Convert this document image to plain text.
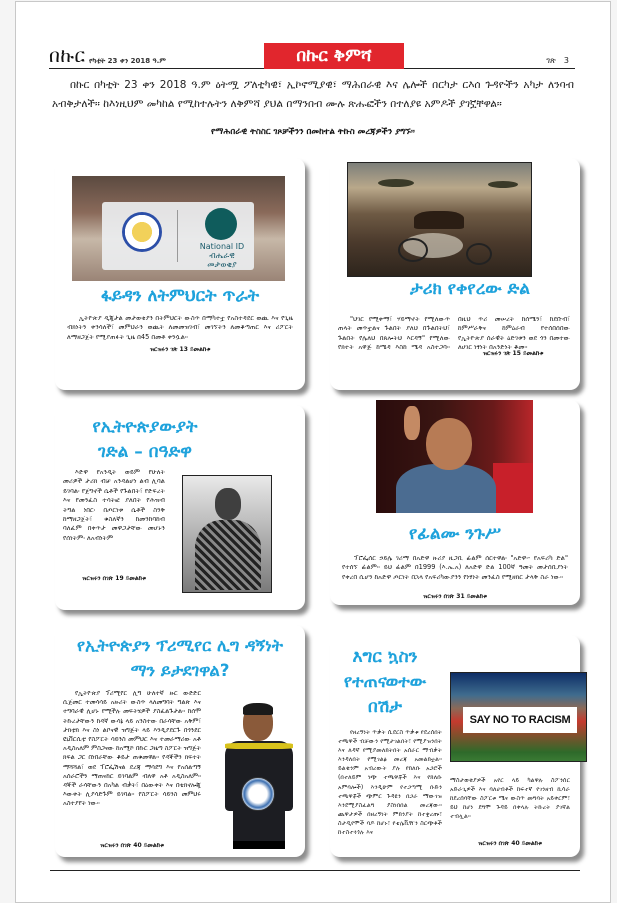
በኩር የካቲት 23 ቀን 2018 ዓ.ም	በኩር ቅምሻ	ገጽ 3

በኩር በካቲት 23 ቀን 2018 ዓ.ም ዕትሟ ፖለቲካዊ፣ ኢኮኖሚያዊ፣ ማሕበራዊ እና ሌሎች በርካታ ርእሰ ጉዳዮችን አካታ ለንባብ አብቅታለች። ከእነዚህም መካከል የሚከተሉትን ለቅምሻ ያህል በማንበብ ሙሉ ጽሑፎችን በተለያዩ አምዶች ያገኟቸዋል።

የማሕበራዊ ትስስር ገጾቻችንን በመከተል ትኩስ መረጃዎችን ያግኙ።
National ID
ብሔራዊ መታወቂያ
ፋይዳን ለትምህርት ጥራት
ኢትዮጵያ ዲጂታል መታወቂያን በትምህርት ውስጥ በማካተቷ የአስተዳደር ወጪ እና የጊዜ ብክነትን ቀንሳለች፣ መምህራን ወጪት ለመመዝገብ፣ መገኘትን ለመቆጣጠር እና ሪፖርት ለማዘጋጀት የሚያጠፉት ጊዜ በ45 በመቶ ቀንሷል።
ዝርዝሩን ገጽ 13 ይመልከቱ
ታሪክ የቀየረው ድል
"ህገር የሚቀማ፣ ሃይማኖት የሚለውጥ ጠላት መጥቷልና ጉልበት ያለህ በጉልበትህ፣ ጉልበት የሌለህ በጸሎትህ እርዳኝ" የሚለው የክተት አዋጅ ከሜዳ እስከ ሜዳ አስተጋባ። በዚህ ጥሪ መሠረት ከሰሜን፣ ከደቡብ፣ ከምሥራቅና ከምዕራብ የተሰበሰበው የኢትዮጵያ ሰራዊት ዕድገቱን ወደ ጎን በመተው ለሀገር ነፃነት በአንድነት ቆመ።
ዝርዝሩን ገጽ 15 ይመልከቱ
የኢትዮጵያውያት
ገድል – በዓድዋ
እድዋ የአንዲት ወይም የሁለት መሪዎች ታሪክ ብቻ አንዳልሆነ ልብ ሊባል ይገባል፡ የጀግኖች ሴቶች የጉልበት፣ የድፍረት እና የመንፈስ ተሳትፎ ያለበት የሕዝብ ትግል ነበር፡ በጦርነቱ ሴቶች ስንቅ ከማዘጋጀት፣ ቁስለኛን ከመንከባከብ ባለፈም በቀጥታ መዋጋታቸው መሆኑን የሰነትም፡ ለአብነትም
ዝርዝሩን በገጽ 19 ይመልከቱ
የፊልሙ ንጉሥ
ፕሮፌሰር ኃይሌ ገሪማ በአድዋ ዙሪያ ዚጋቢ ፊልም ሰርተዋል፡ "አድዋ፡- የአፍሪካ ድል" የተሰኘ ፊልም፡፡ ይህ ፊልም በ1999 (እ.ኤ.አ) ለአድዋ ድል 100ኛ ዓመት መታሰቢያነት የቀረበ ሲሆን ከአድዋ ጦርነት በኋላ የአፍሪካውያንን የነፃነት መንፈስ የሚዘክር ታላቅ ስራ ነው።
ዝርዝሩን በገጽ 31 ይመልከቱ
የኢትዮጵያን ፕሪሚየር ሊግ ዳኝነት
ማን ይታደገዋል?
የኢትዮጵያ ፕሪሚየር ሊግ ሁለተኛ ዙር ውድድር ሲጀመር ተመሳሳይ አዙሪት ውስጥ ላለመግባት ግልጽ እና ተግባራዊ ሊሆኑ የሚችሉ መፍትሄዎች ያስፈልጉታል። ከሰሞ ትኩረታቸውን ከዳኛ ውሳኔ ላይ አንስተው በራሳቸው አቅም፣ ታክቲክ እና ስነ ልቦናዊ ዝግጅት ላይ እንዲያደርጉ በጎንደር ዩኒቨርሲቲ የስፖርት ሳይንስ መምህር እና ተመራማሪው አቶ አዲስአለም ምስጋናው ከአሚኮ በኩር ጋዜጣ ስፖርት ዝግጅት ክፍል ጋር በነበራቸው ቆይታ ጠቁመዋል። የዳኞችን ክፍተት ማሻሻል፣ ወደ ፕሮፌሽናል ደረጃ ማሳደግ እና የአሰልጣኝ አሰራሮችን ማጠናከር ይገባልም ብለዋ አቶ አዲስአለም። ዳኞች ራሳቸውን በአካል ብቃት፣ በዕውቀት እና በቴክኖሎጂ እውቀት ሊያሳድጉም ይገባል። የስፖርት ሳይንስ መምህሩ አስተያየት ነው።
ዝርዝሩን በገጽ 40 ይመልከቱ
እግር ኳስን
የተጠናወተው
በሽታ
የዘረኝነት ጥቃት ሲደርስ ጥቃቱ የደረሰበት ተጫዋች ብቻውን የሚታገልበት፣ የሚያዝንበት እና ለዳኛ የሚያመለክትበት አሰራር ማብቃት እንዳለበት የሚገልፅ መረጃ አመልክቷል። ይልቁንም አብረውት ያሉ የክለቡ አጋሮች (በተለይም ነጭ ተጫዋቾች እና የክለቡ አምባሎች) እንዲሁም የተጋጣሚ ቡድን ተጫዋቾች ጭምር ጉዳዩን በጋራ ማውገዝ እንደሚያስፈልግ ያስነበበል መረጃው። ጨዋታዎች በዘረኝነት ምክንያት ከተቋረጡ፣ ስታዲየሞች ባዶ ከሆኑ፣ የቴሌቪዥን ስርጭቶች ከተስተጓጎሉ እና
SAY NO TO RACISM
ማስታወቂያዎች አየር ላይ ካልዋሉ ስፖንሰር አድራጊዎች እና ባለሀብቶች ከፍተኛ የገንዘብ ኪሳራ ከደረሰባቸው ስፖርቱ ሜና ውስጥ መግባት አይቀርም፣ ይህ ከሆነ ደግሞ ጉዳይ በቀላሉ ትኩረት ያገኛል ተብሏል።
ዝርዝሩን በገጽ 40 ይመልከቱ
